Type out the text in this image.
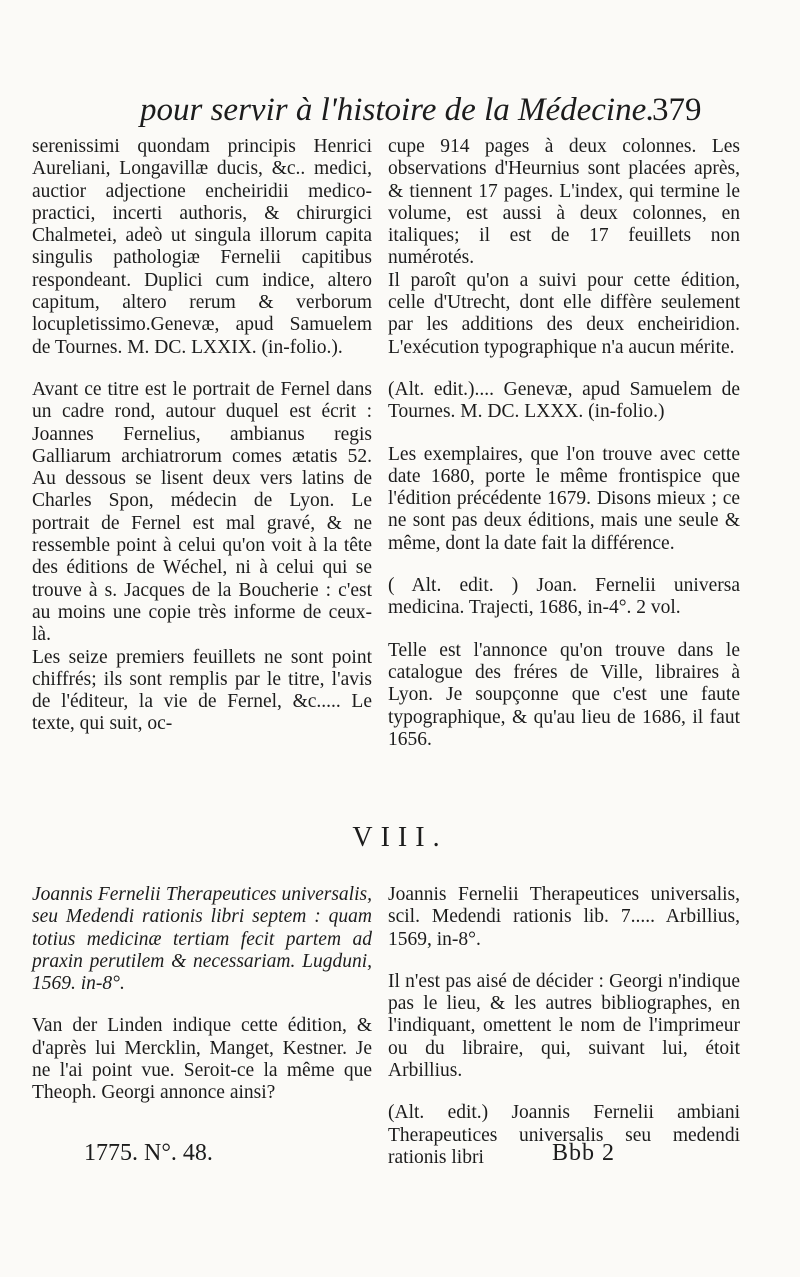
pour servir à l'histoire de la Médecine.
379

serenissimi quondam principis Henrici Aureliani, Longavillæ ducis, &c.. medici, auctior adjectione encheiridii medico-practici, incerti authoris, & chirurgici Chalmetei, adeò ut singula illorum capita singulis pathologiæ Fernelii capitibus respondeant. Duplici cum indice, altero capitum, altero rerum & verborum locupletissimo.Genevæ, apud Samuelem de Tournes. M. DC. LXXIX. (in-folio.).

Avant ce titre est le portrait de Fernel dans un cadre rond, autour duquel est écrit : Joannes Fernelius, ambianus regis Galliarum archiatrorum comes ætatis 52. Au dessous se lisent deux vers latins de Charles Spon, médecin de Lyon. Le portrait de Fernel est mal gravé, & ne ressemble point à celui qu'on voit à la tête des éditions de Wéchel, ni à celui qui se trouve à s. Jacques de la Boucherie : c'est au moins une copie très informe de ceux-là.

Les seize premiers feuillets ne sont point chiffrés; ils sont remplis par le titre, l'avis de l'éditeur, la vie de Fernel, &c..... Le texte, qui suit, oc-

cupe 914 pages à deux colonnes. Les observations d'Heurnius sont placées après, & tiennent 17 pages. L'index, qui termine le volume, est aussi à deux colonnes, en italiques; il est de 17 feuillets non numérotés.

Il paroît qu'on a suivi pour cette édition, celle d'Utrecht, dont elle diffère seulement par les additions des deux encheiridion. L'exécution typographique n'a aucun mérite.

(Alt. edit.).... Genevæ, apud Samuelem de Tournes. M. DC. LXXX. (in-folio.)

Les exemplaires, que l'on trouve avec cette date 1680, porte le même frontispice que l'édition précédente 1679. Disons mieux ; ce ne sont pas deux éditions, mais une seule & même, dont la date fait la différence.

( Alt. edit. ) Joan. Fernelii universa medicina. Trajecti, 1686, in-4°. 2 vol.

Telle est l'annonce qu'on trouve dans le catalogue des fréres de Ville, libraires à Lyon. Je soupçonne que c'est une faute typographique, & qu'au lieu de 1686, il faut 1656.

VIII.

Joannis Fernelii Therapeutices universalis, seu Medendi rationis libri septem : quam totius medicinæ tertiam fecit partem ad praxin perutilem & necessariam. Lugduni, 1569. in-8°.

Van der Linden indique cette édition, & d'après lui Mercklin, Manget, Kestner. Je ne l'ai point vue. Seroit-ce la même que Theoph. Georgi annonce ainsi?

Joannis Fernelii Therapeutices universalis, scil. Medendi rationis lib. 7..... Arbillius, 1569, in-8°.

Il n'est pas aisé de décider : Georgi n'indique pas le lieu, & les autres bibliographes, en l'indiquant, omettent le nom de l'imprimeur ou du libraire, qui, suivant lui, étoit Arbillius.

(Alt. edit.) Joannis Fernelii ambiani Therapeutices universalis seu medendi rationis libri

1775. N°. 48.	Bbb 2
